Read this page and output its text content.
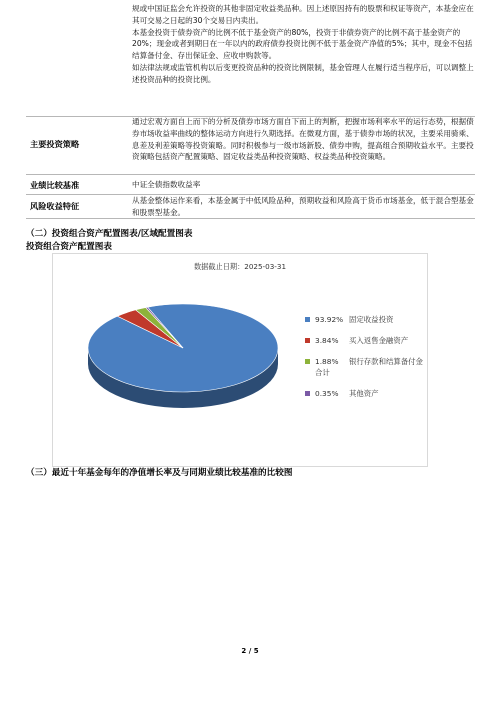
规或中国证监会允许投资的其他非固定收益类品种。因上述原因持有的股票和权证等资产，本基金应在其可交易之日起的30个交易日内卖出。

本基金投资于债券资产的比例不低于基金资产的80%，投资于非债券资产的比例不高于基金资产的20%；现金或者到期日在一年以内的政府债券投资比例不低于基金资产净值的5%；其中，现金不包括结算备付金、存出保证金、应收申购款等。

如法律法规或监管机构以后变更投资品种的投资比例限制，基金管理人在履行适当程序后，可以调整上述投资品种的投资比例。

主要投资策略
通过宏观方面自上而下的分析及债券市场方面自下而上的判断，把握市场利率水平的运行态势，根据债券市场收益率曲线的整体运动方向进行久期选择。在微观方面，基于债券市场的状况，主要采用骑乘、息差及利差策略等投资策略。同时积极参与一级市场新股、债券申购，提高组合预期收益水平。主要投资策略包括资产配置策略、固定收益类品种投资策略、权益类品种投资策略。
业绩比较基准	中证全债指数收益率
风险收益特征
从基金整体运作来看，本基金属于中低风险品种，预期收益和风险高于货币市场基金，低于混合型基金和股票型基金。
（二）投资组合资产配置图表/区域配置图表
投资组合资产配置图表
数据截止日期：2025-03-31
93.92% 固定收益投资
3.84% 买入返售金融资产
1.88% 银行存款和结算备付金合计
0.35% 其他资产
（三）最近十年基金每年的净值增长率及与同期业绩比较基准的比较图
2 / 5
